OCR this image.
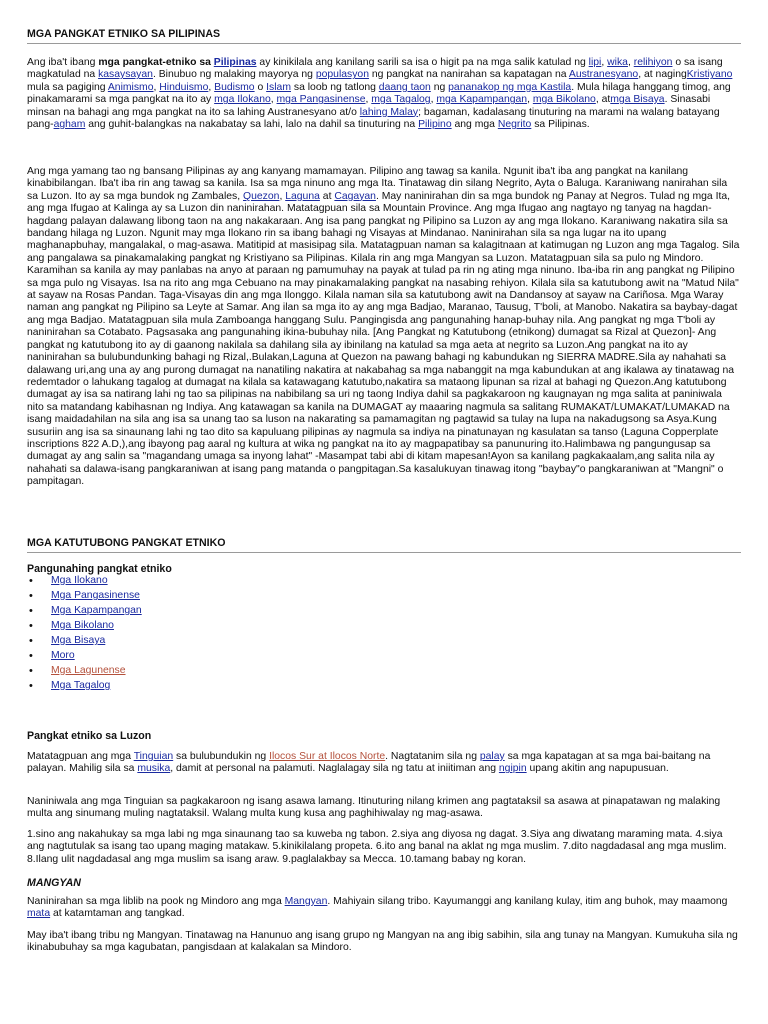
MGA PANGKAT ETNIKO SA PILIPINAS

Ang iba't ibang mga pangkat-etniko sa Pilipinas ay kinikilala ang kanilang sarili sa isa o higit pa na mga salik katulad ng lipi, wika, relihiyon o sa isang magkatulad na kasaysayan. Binubuo ng malaking mayorya ng populasyon ng pangkat na nanirahan sa kapatagan na Austranesyano, at nagingKristiyano mula sa pagiging Animismo, Hinduismo, Budismo o Islam sa loob ng tatlong daang taon ng pananakop ng mga Kastila. Mula hilaga hanggang timog, ang pinakamarami sa mga pangkat na ito ay mga Ilokano, mga Pangasinense, mga Tagalog, mga Kapampangan, mga Bikolano, atmga Bisaya. Sinasabi minsan na bahagi ang mga pangkat na ito sa lahing Austranesyano at/o lahing Malay; bagaman, kadalasang tinuturing na marami na walang batayang pang-agham ang guhit-balangkas na nakabatay sa lahi, lalo na dahil sa tinuturing na Pilipino ang mga Negrito sa Pilipinas.

Ang mga yamang tao ng bansang Pilipinas ay ang kanyang mamamayan. Pilipino ang tawag sa kanila. Ngunit iba't iba ang pangkat na kanilang kinabibilangan. Iba't iba rin ang tawag sa kanila. Isa sa mga ninuno ang mga Ita. Tinatawag din silang Negrito, Ayta o Baluga. Karaniwang nanirahan sila sa Luzon. Ito ay sa mga bundok ng Zambales, Quezon, Laguna at Cagayan. May naninirahan din sa mga bundok ng Panay at Negros. Tulad ng mga Ita, ang mga Ifugao at Kalinga ay sa Luzon din naninirahan. Matatagpuan sila sa Mountain Province. Ang mga Ifugao ang nagtayo ng tanyag na hagdan-hagdang palayan dalawang libong taon na ang nakakaraan. Ang isa pang pangkat ng Pilipino sa Luzon ay ang mga Ilokano. Karaniwang nakatira sila sa bandang hilaga ng Luzon. Ngunit may mga Ilokano rin sa ibang bahagi ng Visayas at Mindanao. Naninirahan sila sa nga lugar na ito upang maghanapbuhay, mangalakal, o mag-asawa. Matitipid at masisipag sila. Matatagpuan naman sa kalagitnaan at katimugan ng Luzon ang mga Tagalog. Sila ang pangalawa sa pinakamalaking pangkat ng Kristiyano sa Pilipinas. Kilala rin ang mga Mangyan sa Luzon. Matatagpuan sila sa pulo ng Mindoro. Karamihan sa kanila ay may panlabas na anyo at paraan ng pamumuhay na payak at tulad pa rin ng ating mga ninuno. Iba-iba rin ang pangkat ng Pilipino sa mga pulo ng Visayas. Isa na rito ang mga Cebuano na may pinakamalaking pangkat na nasabing rehiyon. Kilala sila sa katutubong awit na "Matud Nila" at sayaw na Rosas Pandan. Taga-Visayas din ang mga Ilonggo. Kilala naman sila sa katutubong awit na Dandansoy at sayaw na Cariñosa. Mga Waray naman ang pangkat ng Pilipino sa Leyte at Samar. Ang ilan sa mga ito ay ang mga Badjao, Maranao, Tausug, T'boli, at Manobo. Nakatira sa baybay-dagat ang mga Badjao. Matatagpuan sila mula Zamboanga hanggang Sulu. Pangingisda ang pangunahing hanap-buhay nila. Ang pangkat ng mga T'boli ay naninirahan sa Cotabato. Pagsasaka ang pangunahing ikina-bubuhay nila. [Ang Pangkat ng Katutubong (etnikong) dumagat sa Rizal at Quezon]- Ang pangkat ng katutubong ito ay di gaanong nakilala sa dahilang sila ay ibinilang na katulad sa mga aeta at negrito sa Luzon.Ang pangkat na ito ay naninirahan sa bulubundunking bahagi ng Rizal,.Bulakan,Laguna at Quezon na pawang bahagi ng kabundukan ng SIERRA MADRE.Sila ay nahahati sa dalawang uri,ang una ay ang purong dumagat na nanatiling nakatira at nakabahag sa mga nabanggit na mga kabundukan at ang ikalawa ay tinatawag na redemtador o lahukang tagalog at dumagat na kilala sa katawagang katutubo,nakatira sa mataong lipunan sa rizal at bahagi ng Quezon.Ang katutubong dumagat ay isa sa natirang lahi ng tao sa pilipinas na nabibilang sa uri ng taong Indiya dahil sa pagkakaroon ng kaugnayan ng mga salita at paniniwala nito sa matandang kabihasnan ng Indiya. Ang katawagan sa kanila na DUMAGAT ay maaaring nagmula sa salitang RUMAKAT/LUMAKAT/LUMAKAD na isang maidadahilan na sila ang isa sa unang tao sa luson na nakarating sa pamamagitan ng pagtawid sa tulay na lupa na nakadugsong sa Asya.Kung susuriin ang isa sa sinaunang lahi ng tao dito sa kapuluang pilipinas ay nagmula sa indiya na pinatunayan ng kasulatan sa tanso (Laguna Copperplate inscriptions 822 A.D,),ang ibayong pag aaral ng kultura at wika ng pangkat na ito ay magpapatibay sa panunuring ito.Halimbawa ng pangungusap sa dumagat ay ang salin sa "magandang umaga sa inyong lahat" -Masampat tabi abi di kitam mapesan!Ayon sa kanilang pagkakaalam,ang salita nila ay nahahati sa dalawa-isang pangkaraniwan at isang pang matanda o pangpitagan.Sa kasalukuyan tinawag itong "baybay"o pangkaraniwan at "Mangni" o pampitagan.

MGA KATUTUBONG PANGKAT ETNIKO
Pangunahing pangkat etniko
• Mga Ilokano
• Mga Pangasinense
• Mga Kapampangan
• Mga Bikolano
• Mga Bisaya
• Moro
• Mga Lagunense
• Mga Tagalog
Pangkat etniko sa Luzon

Matatagpuan ang mga Tinguian sa bulubundukin ng Ilocos Sur at Ilocos Norte. Nagtatanim sila ng palay sa mga kapatagan at sa mga bai-baitang na palayan. Mahilig sila sa musika, damit at personal na palamuti. Naglalagay sila ng tatu at iniitiman ang ngipin upang akitin ang napupusuan.

Naniniwala ang mga Tinguian sa pagkakaroon ng isang asawa lamang. Itinuturing nilang krimen ang pagtataksil sa asawa at pinapatawan ng malaking multa ang sinumang muling nagtataksil. Walang multa kung kusa ang paghihiwalay ng mag-asawa.

1.sino ang nakahukay sa mga labi ng mga sinaunang tao sa kuweba ng tabon. 2.siya ang diyosa ng dagat. 3.Siya ang diwatang maraming mata. 4.siya ang nagtutulak sa isang tao upang maging matakaw. 5.kinikilalang propeta. 6.ito ang banal na aklat ng mga muslim. 7.dito nagdadasal ang mga muslim. 8.Ilang ulit nagdadasal ang mga muslim sa isang araw. 9.paglalakbay sa Mecca. 10.tamang babay ng koran.

MANGYAN

Naninirahan sa mga liblib na pook ng Mindoro ang mga Mangyan. Mahiyain silang tribo. Kayumanggi ang kanilang kulay, itim ang buhok, may maamong mata at katamtaman ang tangkad.

May iba't ibang tribu ng Mangyan. Tinatawag na Hanunuo ang isang grupo ng Mangyan na ang ibig sabihin, sila ang tunay na Mangyan. Kumukuha sila ng ikinabubuhay sa mga kagubatan, pangisdaan at kalakalan sa Mindoro.
